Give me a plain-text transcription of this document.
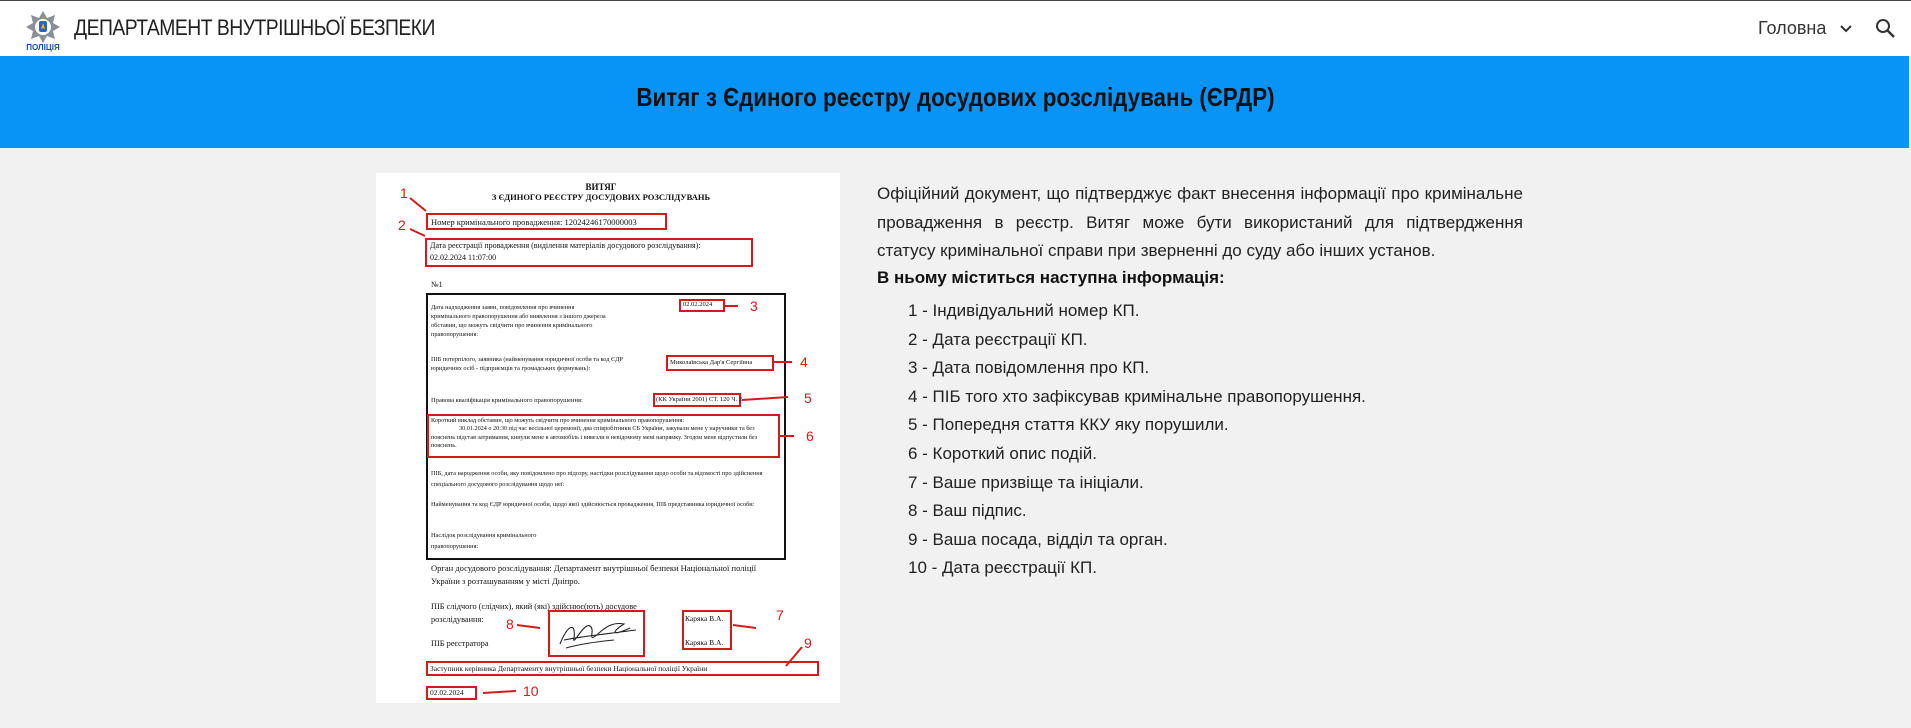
ПОЛІЦІЯ
ДЕПАРТАМЕНТ ВНУТРІШНЬОЇ БЕЗПЕКИ	Головна
Витяг з Єдиного реєстру досудових розслідувань (ЄРДР)
ВИТЯГ
З ЄДИНОГО РЕЄСТРУ ДОСУДОВИХ РОЗСЛІДУВАНЬ
Номер кримінального провадження: 12024246170000003
Дата реєстрації провадження (виділення матеріалів досудового розслідування):
02.02.2024 11:07:00
№1
Дата надходження заяви, повідомлення про вчинення кримінального правопорушення або виявлення з іншого джерела обставин, що можуть свідчити про вчинення кримінального правопорушення:
02.02.2024
ПІБ потерпілого, заявника (найменування юридичної особи та код ЄДР юридичних осіб - підприємців та громадських формувань):
Миколаївська Дар'я Сергіївна
Правова кваліфікація кримінального правопорушення:	(КК України 2001) СТ. 120 Ч. 2
Короткий виклад обставин, що можуть свідчити про вчинення кримінального правопорушення:
30.01.2024 о 20:30 під час весільної церемонії, два співробітники СБ України, закували мене у наручники та без пояснень підстав затримання, кинули мене в автомобіль і вивезли в невідомому мені напрямку. Згодом мене відпустили без пояснень.
ПІБ, дата народження особи, яку повідомлено про підозру, настідки розслідування щодо особи та відомості про здійснення спеціального досудового розслідування щодо неї:
Найменування та код ЄДР юридичної особи, щодо якої здійснюється провадження, ПІБ представника юридичної особи:
Наслідок розслідування кримінального правопорушення:
Орган досудового розслідування: Департамент внутрішньої безпеки Національної поліції України з розташуванням у місті Дніпро.
ПІБ слідчого (слідчих), який (які) здійснює(ють) досудове розслідування:	Каряка В.А.
ПІБ реєстратора	Каряка В.А.
Заступник керівника Департаменту внутрішньої безпеки Національної поліції України
02.02.2024
1
2
3
4
5
6
7
8
9
10
Офіційний документ, що підтверджує факт внесення інформації про кримінальне провадження в реєстр. Витяг може бути використаний для підтвердження статусу кримінальної справи при зверненні до суду або інших установ.
В ньому міститься наступна інформація:
1 - Індивідуальний номер КП.
2 - Дата реєстрації КП.
3 - Дата повідомлення про КП.
4 - ПІБ того хто зафіксував кримінальне правопорушення.
5 - Попередня стаття ККУ яку порушили.
6 - Короткий опис подій.
7 - Ваше призвіще та ініціали.
8 - Ваш підпис.
9 - Ваша посада, відділ та орган.
10 - Дата реєстрації КП.
